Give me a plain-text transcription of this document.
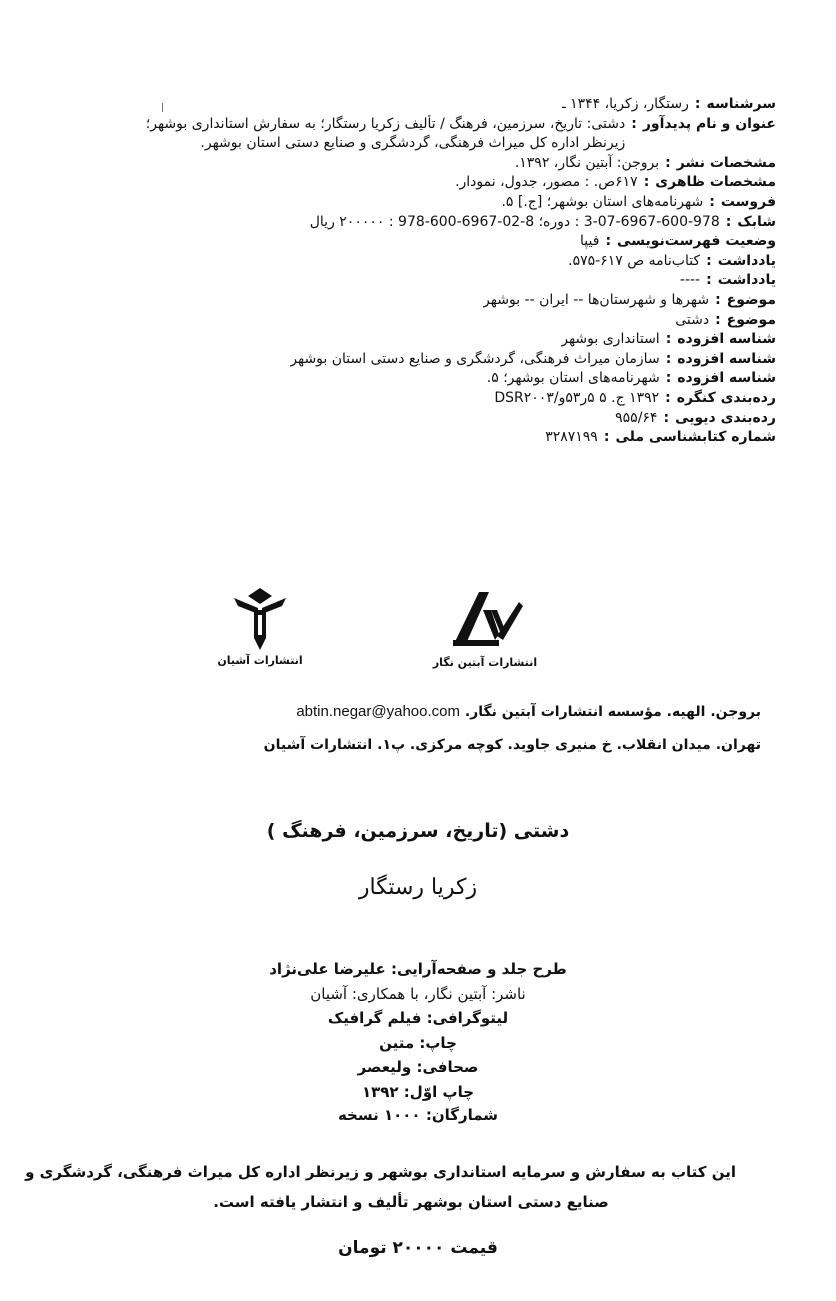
سرشناسه
:
رستگار، زکریا، ۱۳۴۴ ـ
عنوان و نام پدیدآور
:
دشتی: تاریخ، سرزمین، فرهنگ / تألیف زکریا رستگار؛ به سفارش استانداری بوشهر؛
زیرنظر اداره کل میراث فرهنگی، گردشگری و صنایع دستی استان بوشهر.
مشخصات نشر
:
بروجن: آبتین نگار، ۱۳۹۲.
مشخصات ظاهری
:
۶۱۷ص. : مصور، جدول، نمودار.
فروست
:
شهرنامه‌های استان بوشهر؛ [ج.] ۵.
شابک
:
3-07-6967-600-978 : دوره؛ 8-02-6967-600-978 : ۲۰۰۰۰۰ ریال
وضعیت فهرست‌نویسی
:
فیپا
یادداشت
:
کتاب‌نامه ص ۶۱۷-۵۷۵.
یادداشت
:
----
موضوع
:
شهرها و شهرستان‌ها -- ایران -- بوشهر
موضوع
:
دشتی
شناسه افزوده
:
استانداری بوشهر
شناسه افزوده
:
سازمان میراث فرهنگی، گردشگری و صنایع دستی استان بوشهر
شناسه افزوده
:
شهرنامه‌های استان بوشهر؛ ۵.
رده‌بندی کنگره
:
۱۳۹۲ ج. ۵ ۵ر۵۳و/DSR۲۰۰۳
رده‌بندی دیویی
:
۹۵۵/۶۴
شماره کتابشناسی ملی
:
۳۲۸۷۱۹۹
انتشارات آشیان	انتشارات آبتین نگار
بروجن. الهیه. مؤسسه انتشارات آبتین نگار. abtin.negar@yahoo.com
تهران. میدان انقلاب. خ منیری جاوید. کوچه مرکزی. پ۱. انتشارات آشیان
دشتی (تاریخ، سرزمین، فرهنگ )
زکریا رستگار
طرح جلد و صفحه‌آرایی: علیرضا علی‌نژاد
ناشر: آبتین نگار، با همکاری: آشیان
لیتوگرافی: فیلم گرافیک
چاپ: متین
صحافی: ولیعصر
چاپ اوّل: ۱۳۹۲
شمارگان: ۱۰۰۰ نسخه
این کتاب به سفارش و سرمایه استانداری بوشهر و زیرنظر اداره کل میراث فرهنگی، گردشگری و
صنایع دستی استان بوشهر تألیف و انتشار یافته است.
قیمت ۲۰۰۰۰ تومان
